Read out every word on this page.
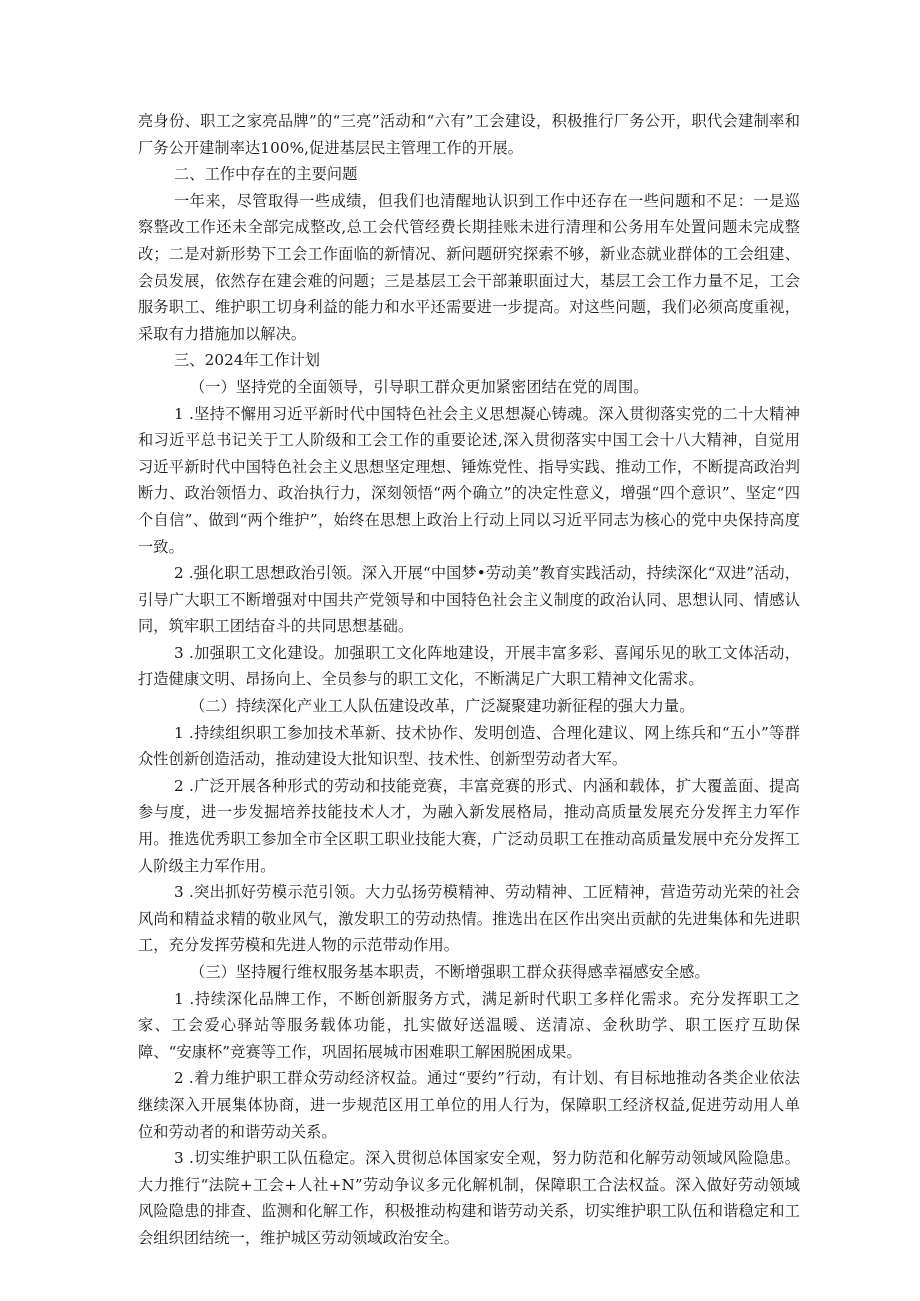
亮身份、职工之家亮品牌”的“三亮”活动和“六有”工会建设，积极推行厂务公开，职代会建制率和厂务公开建制率达100%,促进基层民主管理工作的开展。

二、工作中存在的主要问题

一年来，尽管取得一些成绩，但我们也清醒地认识到工作中还存在一些问题和不足：一是巡察整改工作还未全部完成整改,总工会代管经费长期挂账未进行清理和公务用车处置问题未完成整改；二是对新形势下工会工作面临的新情况、新问题研究探索不够，新业态就业群体的工会组建、会员发展，依然存在建会难的问题；三是基层工会干部兼职面过大，基层工会工作力量不足，工会服务职工、维护职工切身利益的能力和水平还需要进一步提高。对这些问题，我们必须高度重视，采取有力措施加以解决。

三、2024年工作计划

（一）坚持党的全面领导，引导职工群众更加紧密团结在党的周围。

1 .坚持不懈用习近平新时代中国特色社会主义思想凝心铸魂。深入贯彻落实党的二十大精神和习近平总书记关于工人阶级和工会工作的重要论述,深入贯彻落实中国工会十八大精神，自觉用习近平新时代中国特色社会主义思想坚定理想、锤炼党性、指导实践、推动工作，不断提高政治判断力、政治领悟力、政治执行力，深刻领悟“两个确立”的决定性意义，增强“四个意识”、坚定“四个自信”、做到“两个维护”，始终在思想上政治上行动上同以习近平同志为核心的党中央保持高度一致。

2 .强化职工思想政治引领。深入开展“中国梦•劳动美”教育实践活动，持续深化“双进”活动，引导广大职工不断增强对中国共产党领导和中国特色社会主义制度的政治认同、思想认同、情感认同，筑牢职工团结奋斗的共同思想基础。

3 .加强职工文化建设。加强职工文化阵地建设，开展丰富多彩、喜闻乐见的耿工文体活动，打造健康文明、昂扬向上、全员参与的职工文化，不断满足广大职工精神文化需求。

（二）持续深化产业工人队伍建设改革，广泛凝聚建功新征程的强大力量。

1 .持续组织职工参加技术革新、技术协作、发明创造、合理化建议、网上练兵和“五小”等群众性创新创造活动，推动建设大批知识型、技术性、创新型劳动者大军。

2 .广泛开展各种形式的劳动和技能竞赛，丰富竞赛的形式、内涵和载体，扩大覆盖面、提高参与度，进一步发掘培养技能技术人才，为融入新发展格局，推动高质量发展充分发挥主力军作用。推选优秀职工参加全市全区职工职业技能大赛，广泛动员职工在推动高质量发展中充分发挥工人阶级主力军作用。

3 .突出抓好劳模示范引领。大力弘扬劳模精神、劳动精神、工匠精神，营造劳动光荣的社会风尚和精益求精的敬业风气，激发职工的劳动热情。推选出在区作出突出贡献的先进集体和先进职工，充分发挥劳模和先进人物的示范带动作用。

（三）坚持履行维权服务基本职责，不断增强职工群众获得感幸福感安全感。

1 .持续深化品牌工作，不断创新服务方式，满足新时代职工多样化需求。充分发挥职工之家、工会爱心驿站等服务载体功能，扎实做好送温暖、送清凉、金秋助学、职工医疗互助保障、“安康杯”竞赛等工作，巩固拓展城市困难职工解困脱困成果。

2 .着力维护职工群众劳动经济权益。通过“要约”行动，有计划、有目标地推动各类企业依法继续深入开展集体协商，进一步规范区用工单位的用人行为，保障职工经济权益,促进劳动用人单位和劳动者的和谐劳动关系。

3 .切实维护职工队伍稳定。深入贯彻总体国家安全观，努力防范和化解劳动领域风险隐患。大力推行“法院+工会+人社+N”劳动争议多元化解机制，保障职工合法权益。深入做好劳动领域风险隐患的排查、监测和化解工作，积极推动构建和谐劳动关系，切实维护职工队伍和谐稳定和工会组织团结统一，维护城区劳动领域政治安全。
